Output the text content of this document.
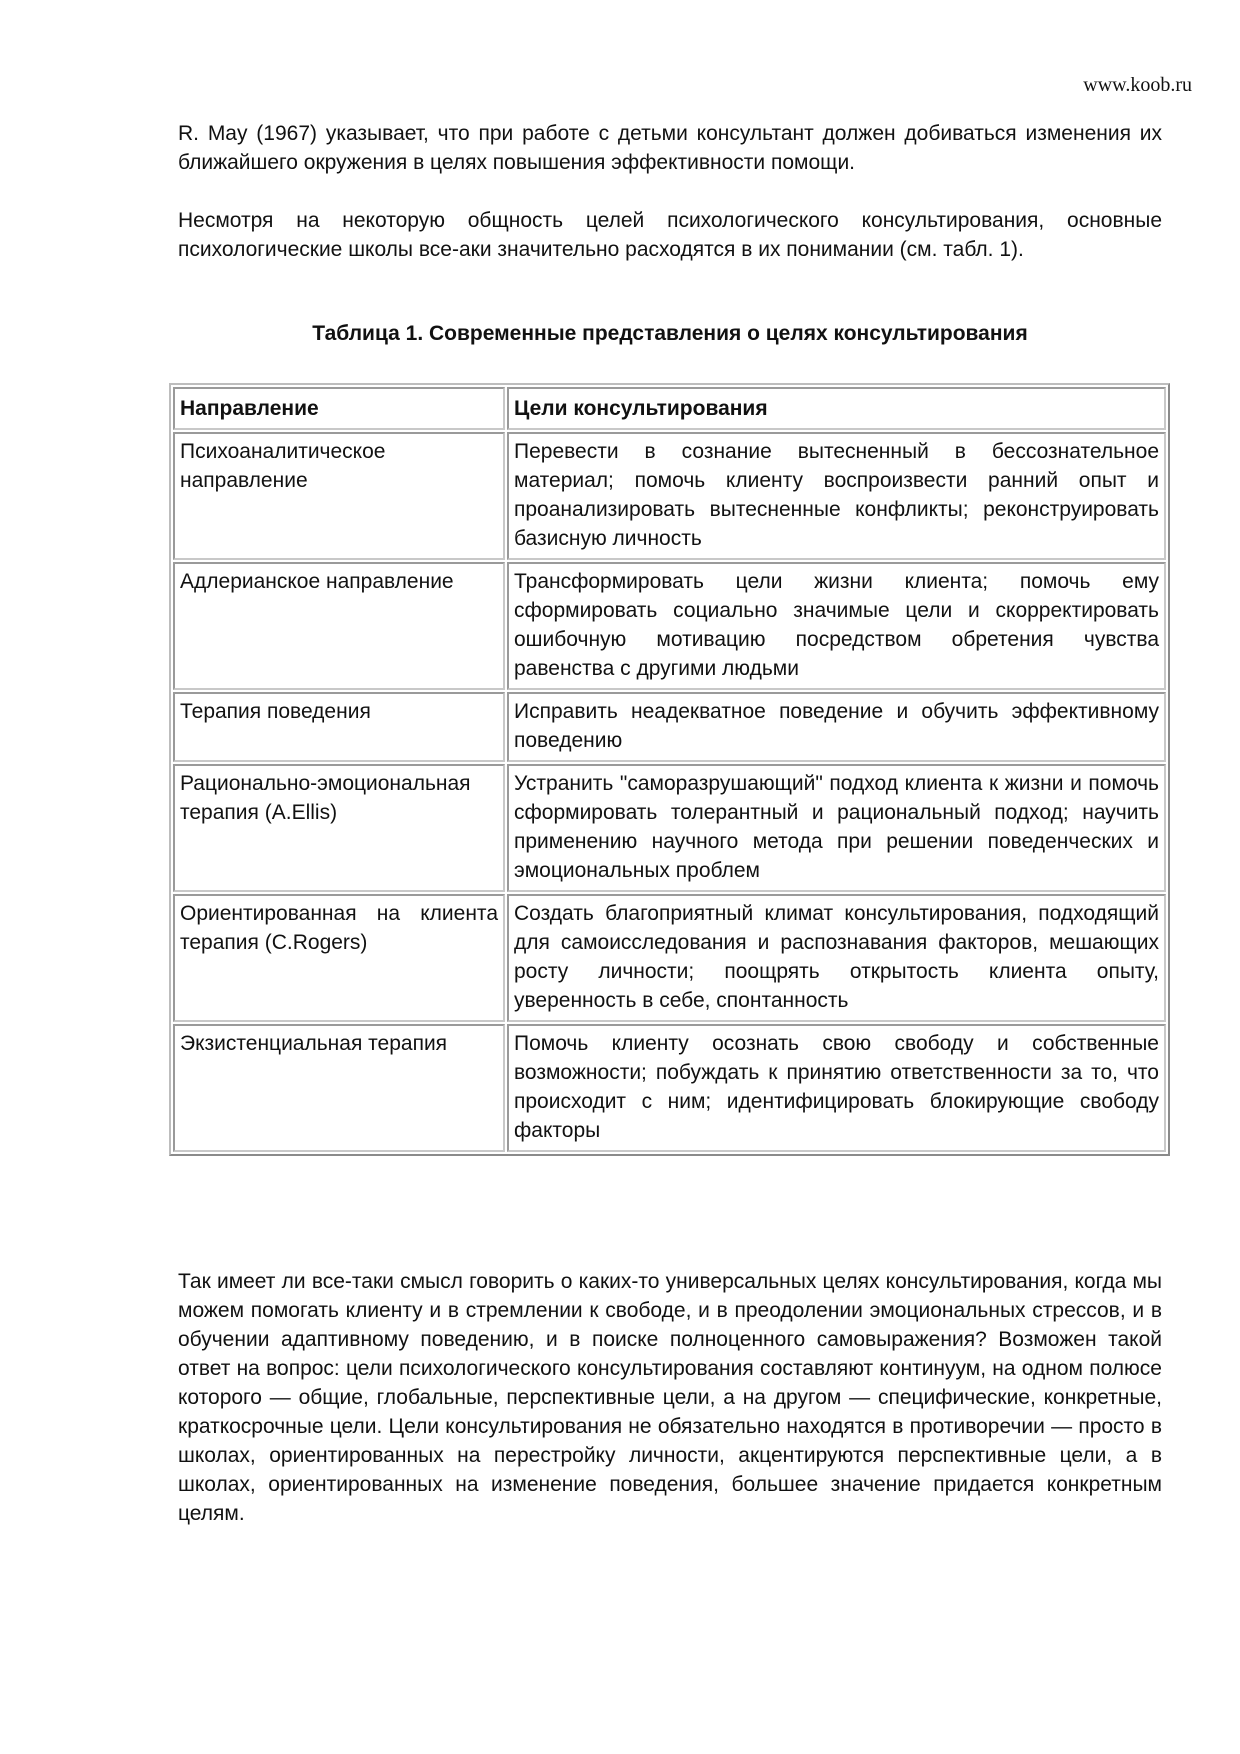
www.koob.ru

R. May (1967) указывает, что при работе с детьми консультант должен добиваться изменения их ближайшего окружения в целях повышения эффективности помощи.

Несмотря на некоторую общность целей психологического консультирования, основные психологические школы все-аки значительно расходятся в их понимании (см. табл. 1).

Таблица 1. Современные представления о целях консультирования
Направление	Цели консультирования
Психоаналитическое направление	Перевести в сознание вытесненный в бессознательное материал; помочь клиенту воспроизвести ранний опыт и проанализировать вытесненные конфликты; реконструировать базисную личность
Адлерианское направление	Трансформировать цели жизни клиента; помочь ему сформировать социально значимые цели и скорректировать ошибочную мотивацию посредством обретения чувства равенства с другими людьми
Терапия поведения	Исправить неадекватное поведение и обучить эффективному поведению
Рационально-эмоциональная терапия (A.Ellis)	Устранить "саморазрушающий" подход клиента к жизни и помочь сформировать толерантный и рациональный подход; научить применению научного метода при решении поведенческих и эмоциональных проблем
Ориентированная на клиента терапия (C.Rogers)	Создать благоприятный климат консультирования, подходящий для самоисследования и распознавания факторов, мешающих росту личности; поощрять открытость клиента опыту, уверенность в себе, спонтанность
Экзистенциальная терапия	Помочь клиенту осознать свою свободу и собственные возможности; побуждать к принятию ответственности за то, что происходит с ним; идентифицировать блокирующие свободу факторы

Так имеет ли все-таки смысл говорить о каких-то универсальных целях консультирования, когда мы можем помогать клиенту и в стремлении к свободе, и в преодолении эмоциональных стрессов, и в обучении адаптивному поведению, и в поиске полноценного самовыражения? Возможен такой ответ на вопрос: цели психологического консультирования составляют континуум, на одном полюсе которого — общие, глобальные, перспективные цели, а на другом — специфические, конкретные, краткосрочные цели. Цели консультирования не обязательно находятся в противоречии — просто в школах, ориентированных на перестройку личности, акцентируются перспективные цели, а в школах, ориентированных на изменение поведения, большее значение придается конкретным целям.
